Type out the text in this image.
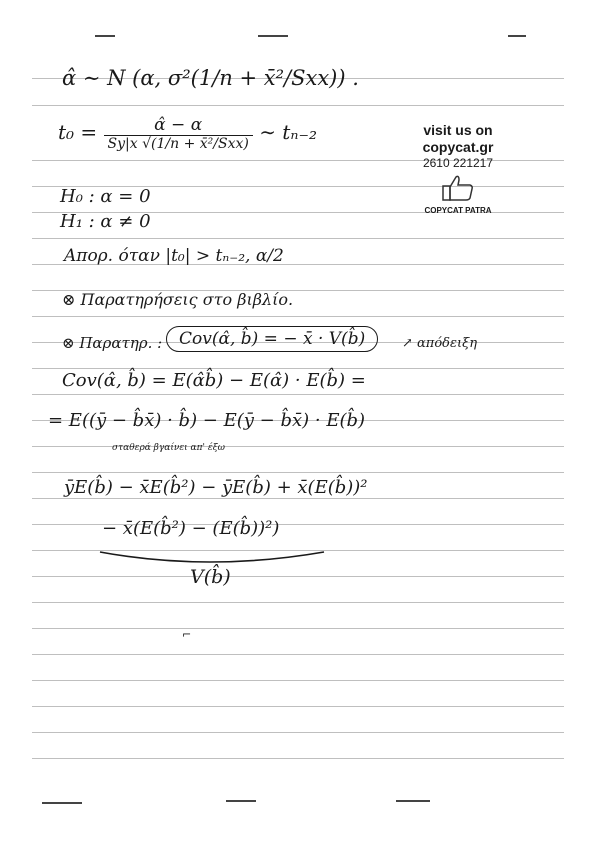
α̂ ∼ N (α, σ²(1/n + x̄²/Sxx)) .
$t_0 = \frac{\alphâ - \alpha}{\text{Sy|x √(1/n + x̄²/Sxx)}}$ ∼ tₙ₋₂
H₀ : α = 0
H₁ : α ≠ 0
Απορ. όταν |t₀| > tₙ₋₂, α/2
⊗ Παρατηρήσεις στο βιβλίο.
⊗ Παρατηρ. : Cov(α̂, b̂) = − x̄ · V(b̂)	↗ απόδειξη
Cov(α̂, b̂) = E(α̂b̂) − E(α̂) · E(b̂) =
= E((ȳ − b̂x̄) · b̂) − E(ȳ − b̂x̄) · E(b̂)
σταθερά βγαίνει απ' έξω
ȳE(b̂) − x̄E(b̂²) − ȳE(b̂) + x̄(E(b̂))²
− x̄(E(b̂²) − (E(b̂))²)
V(b̂)
⌐
visit us on
copycat.gr
2610 221217
COPYCAT PATRA
